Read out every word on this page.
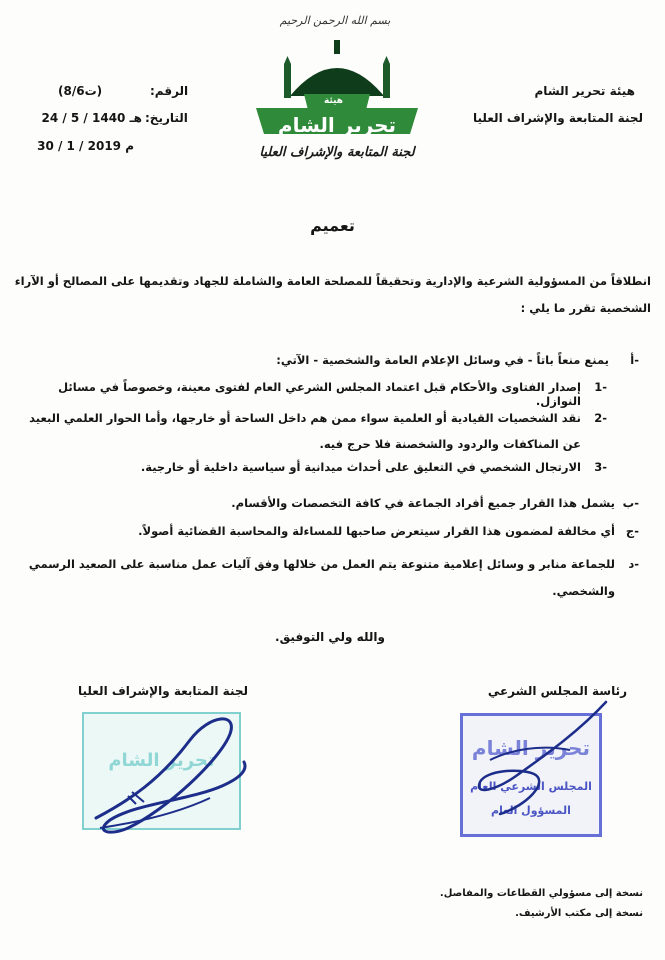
بسم الله الرحمن الرحيم
هيئة
تحرير الشام
لجنة المتابعة والإشراف العليا
هيئة تحرير الشام
لجنة المتابعة والإشراف العليا
الرقم:
(ت8/6)
التاريخ:
24 / 5 / 1440 هـ
30 / 1 / 2019 م
تعميم
انطلاقاً من المسؤولية الشرعية والإدارية وتحقيقاً للمصلحة العامة والشاملة للجهاد وتقديمها على المصالح أو الآراء الشخصية تقرر ما يلي :
أ-
يمنع منعاً باتاً - في وسائل الإعلام العامة والشخصية - الآتي:
1-
إصدار الفتاوى والأحكام قبل اعتماد المجلس الشرعي العام لفتوى معينة، وخصوصاً في مسائل النوازل.
2-
نقد الشخصيات القيادية أو العلمية سواء ممن هم داخل الساحة أو خارجها، وأما الحوار العلمي البعيد عن المناكفات والردود والشخصنة فلا حرج فيه.
3-
الارتجال الشخصي في التعليق على أحداث ميدانية أو سياسية داخلية أو خارجية.
ب-
يشمل هذا القرار جميع أفراد الجماعة في كافة التخصصات والأقسام.
ج-
أي مخالفة لمضمون هذا القرار سيتعرض صاحبها للمساءلة والمحاسبة القضائية أصولاً.
د-
للجماعة منابر و وسائل إعلامية متنوعة يتم العمل من خلالها وفق آليات عمل مناسبة على الصعيد الرسمي والشخصي.
والله ولي التوفيق.
رئاسة المجلس الشرعي
لجنة المتابعة والإشراف العليا
تحرير الشام
تحرير الشام
المجلس الشرعي العام
المسؤول العام
نسخة إلى مسؤولي القطاعات والمفاصل.
نسخة إلى مكتب الأرشيف.
